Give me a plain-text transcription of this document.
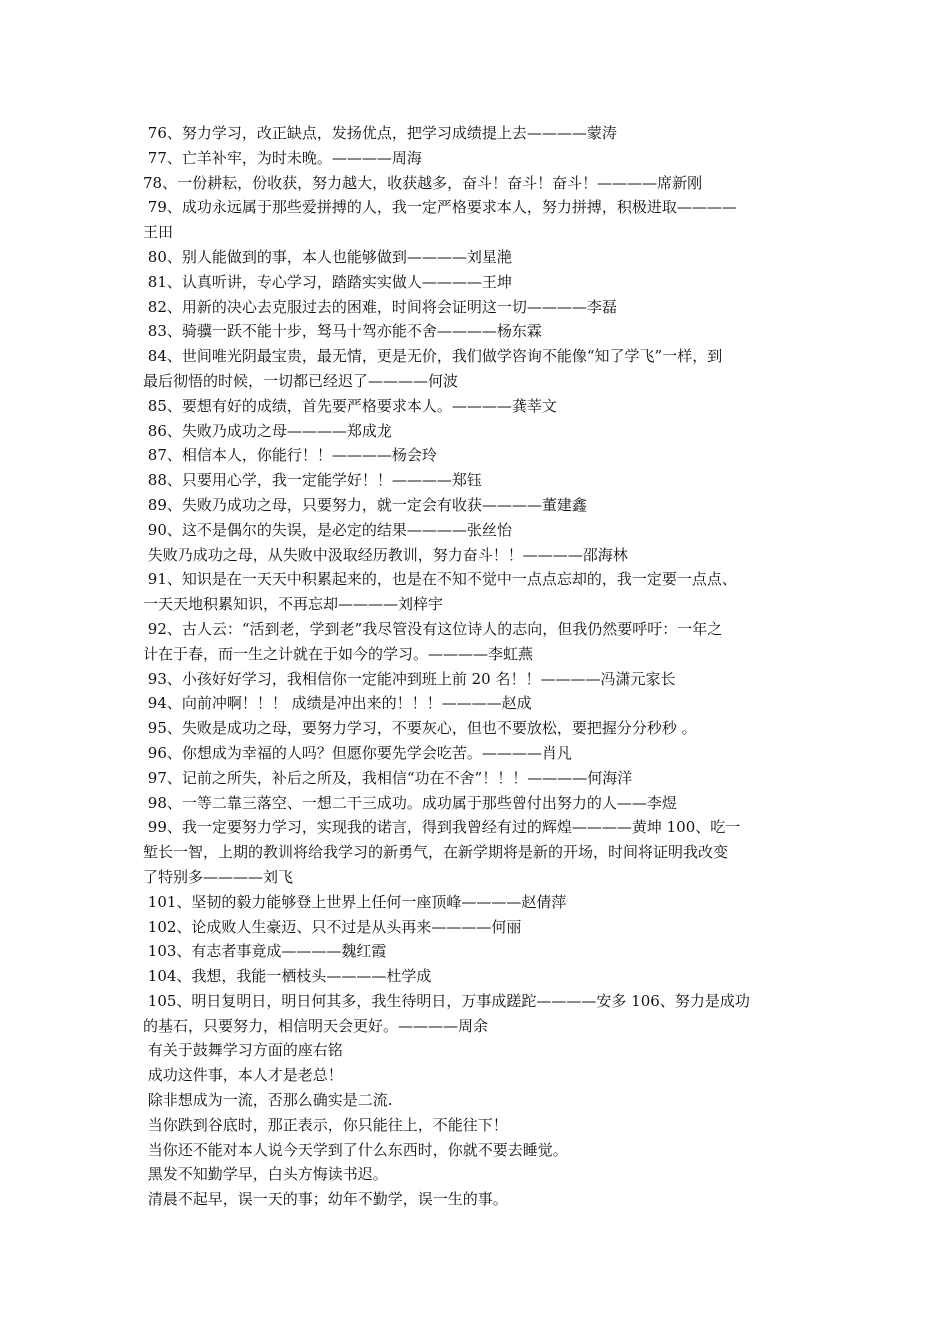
76、努力学习，改正缺点，发扬优点，把学习成绩提上去————蒙涛

77、亡羊补牢，为时未晚。————周海

78、一份耕耘，份收获，努力越大，收获越多，奋斗！奋斗！奋斗！————席新刚

79、成功永远属于那些爱拼搏的人，我一定严格要求本人，努力拼搏，积极进取————

王田

80、别人能做到的事，本人也能够做到————刘星滟

81、认真听讲，专心学习，踏踏实实做人————王坤

82、用新的决心去克服过去的困难，时间将会证明这一切————李磊

83、骑骥一跃不能十步，驽马十驾亦能不舍————杨东霖

84、世间唯光阴最宝贵，最无情，更是无价，我们做学咨询不能像“知了学飞”一样，到

最后彻悟的时候，一切都已经迟了————何波

85、要想有好的成绩，首先要严格要求本人。————龚莘文

86、失败乃成功之母————郑成龙

87、相信本人，你能行！！————杨会玲

88、只要用心学，我一定能学好！！————郑钰

89、失败乃成功之母，只要努力，就一定会有收获————董建鑫

90、这不是偶尔的失误，是必定的结果————张丝怡

失败乃成功之母，从失败中汲取经历教训，努力奋斗！！————邵海林

91、知识是在一天天中积累起来的，也是在不知不觉中一点点忘却的，我一定要一点点、

一天天地积累知识，不再忘却————刘梓宇

92、古人云：“活到老，学到老”我尽管没有这位诗人的志向，但我仍然要呼吁：一年之

计在于春，而一生之计就在于如今的学习。————李虹燕

93、小孩好好学习，我相信你一定能冲到班上前 20 名！！————冯潇元家长

94、向前冲啊！！！ 成绩是冲出来的！！！————赵成

95、失败是成功之母，要努力学习，不要灰心，但也不要放松，要把握分分秒秒 。

96、你想成为幸福的人吗？但愿你要先学会吃苦。————肖凡

97、记前之所失，补后之所及，我相信“功在不舍”！！！————何海洋

98、一等二靠三落空、一想二干三成功。成功属于那些曾付出努力的人——李煜

99、我一定要努力学习，实现我的诺言，得到我曾经有过的辉煌————黄坤 100、吃一

堑长一智，上期的教训将给我学习的新勇气，在新学期将是新的开场，时间将证明我改变

了特别多————刘飞

101、坚韧的毅力能够登上世界上任何一座顶峰————赵倩萍

102、论成败人生豪迈、只不过是从头再来————何丽

103、有志者事竟成————魏红霞

104、我想，我能一栖枝头————杜学成

105、明日复明日，明日何其多，我生待明日，万事成蹉跎————安多 106、努力是成功

的基石，只要努力，相信明天会更好。————周余

有关于鼓舞学习方面的座右铭

成功这件事，本人才是老总！

除非想成为一流，否那么确实是二流.

当你跌到谷底时，那正表示，你只能往上，不能往下！

当你还不能对本人说今天学到了什么东西时，你就不要去睡觉。

黑发不知勤学早，白头方悔读书迟。

清晨不起早，误一天的事；幼年不勤学，误一生的事。
